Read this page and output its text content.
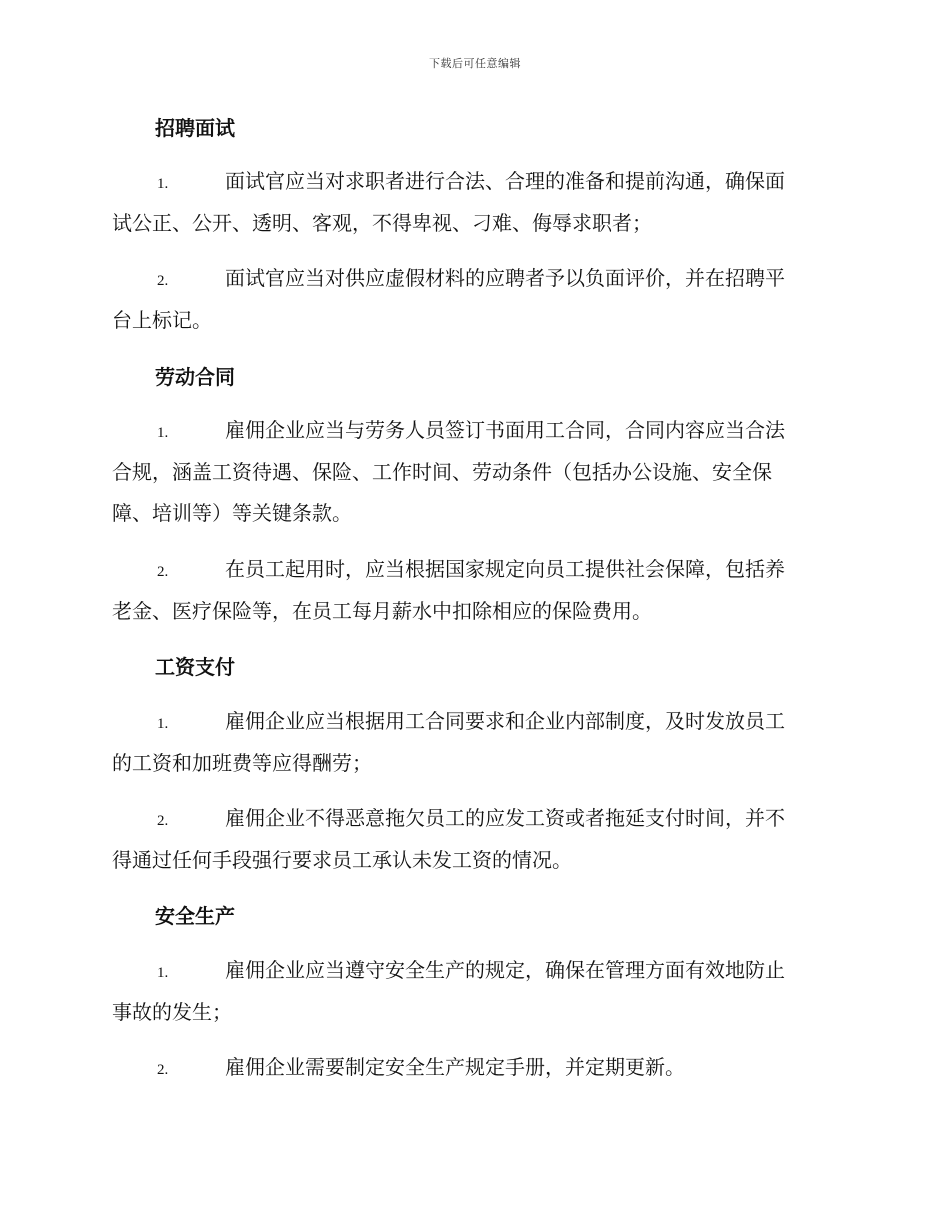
下载后可任意编辑
招聘面试
1.	面试官应当对求职者进行合法、合理的准备和提前沟通，确保面
试公正、公开、透明、客观，不得卑视、刁难、侮辱求职者；
2.	面试官应当对供应虚假材料的应聘者予以负面评价，并在招聘平
台上标记。
劳动合同
1.	雇佣企业应当与劳务人员签订书面用工合同，合同内容应当合法
合规，涵盖工资待遇、保险、工作时间、劳动条件（包括办公设施、安全保
障、培训等）等关键条款。
2.	在员工起用时，应当根据国家规定向员工提供社会保障，包括养
老金、医疗保险等，在员工每月薪水中扣除相应的保险费用。
工资支付
1.	雇佣企业应当根据用工合同要求和企业内部制度，及时发放员工
的工资和加班费等应得酬劳；
2.	雇佣企业不得恶意拖欠员工的应发工资或者拖延支付时间，并不
得通过任何手段强行要求员工承认未发工资的情况。
安全生产
1.	雇佣企业应当遵守安全生产的规定，确保在管理方面有效地防止
事故的发生；
2.	雇佣企业需要制定安全生产规定手册，并定期更新。
